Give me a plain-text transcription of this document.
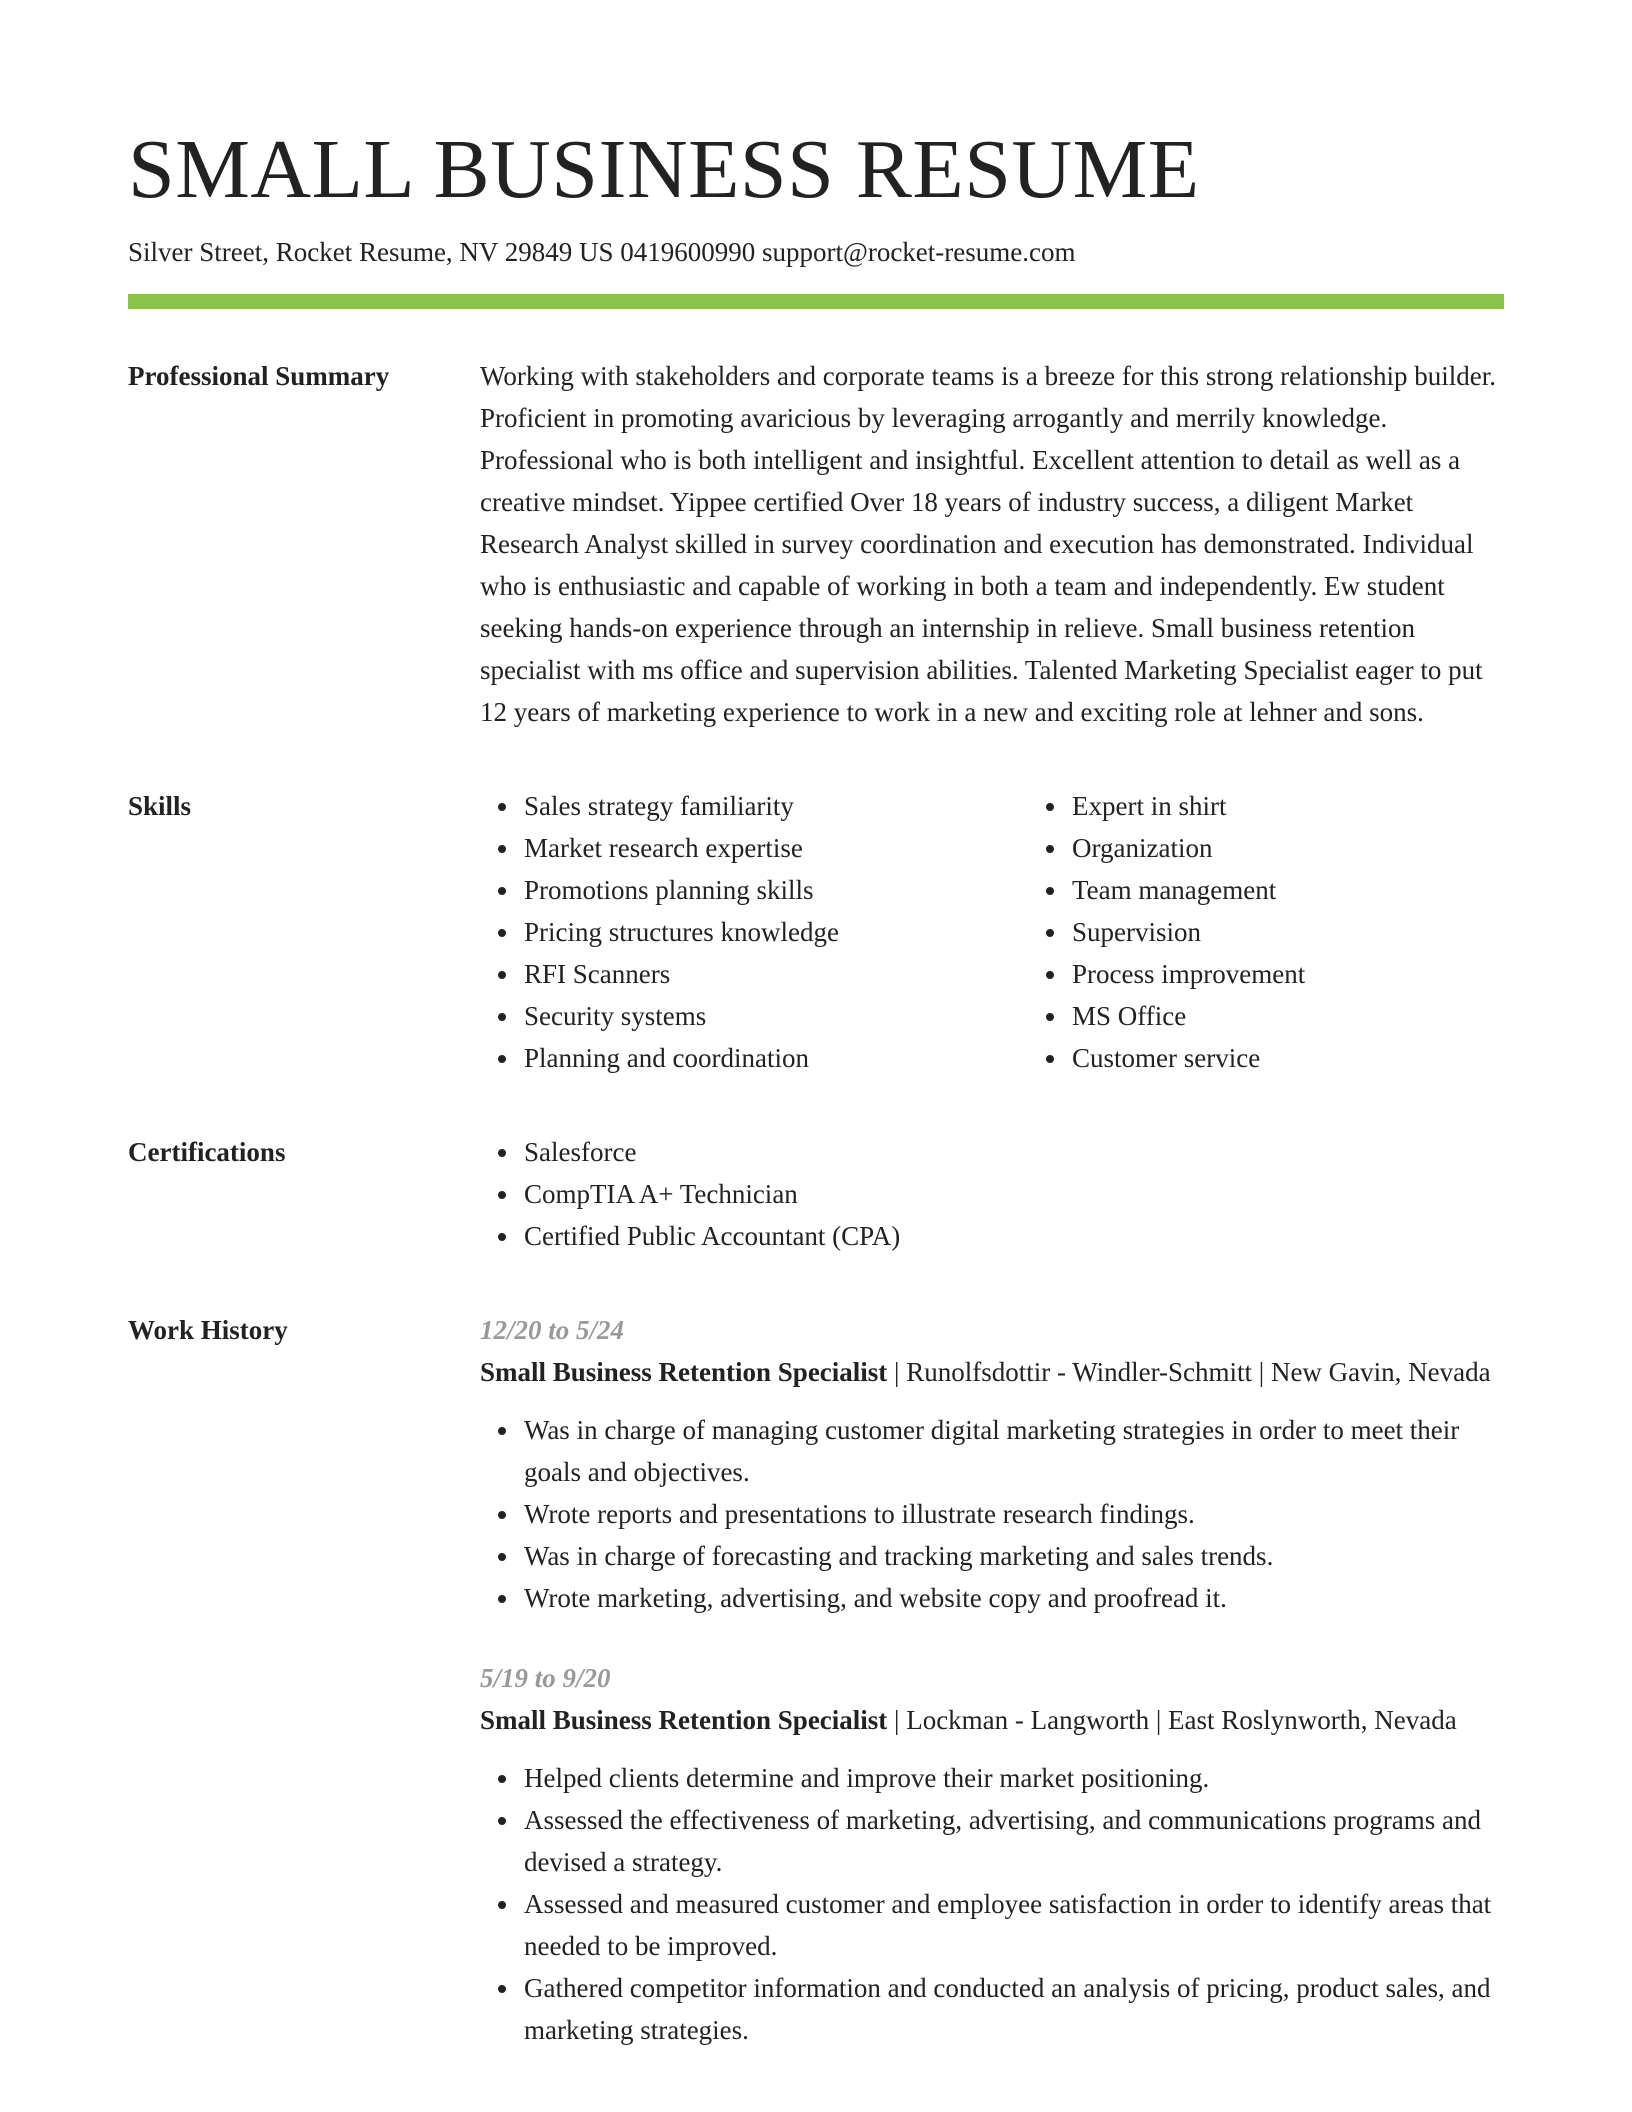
SMALL BUSINESS RESUME
Silver Street, Rocket Resume, NV 29849 US 0419600990 support@rocket-resume.com
Professional Summary	Working with stakeholders and corporate teams is a breeze for this strong relationship builder. Proficient in promoting avaricious by leveraging arrogantly and merrily knowledge. Professional who is both intelligent and insightful. Excellent attention to detail as well as a creative mindset. Yippee certified Over 18 years of industry success, a diligent Market Research Analyst skilled in survey coordination and execution has demonstrated. Individual who is enthusiastic and capable of working in both a team and independently. Ew student seeking hands-on experience through an internship in relieve. Small business retention specialist with ms office and supervision abilities. Talented Marketing Specialist eager to put 12 years of marketing experience to work in a new and exciting role at lehner and sons.

Skills	Sales strategy familiarity
Market research expertise
Promotions planning skills
Pricing structures knowledge
RFI Scanners
Security systems
Planning and coordination
Expert in shirt
Organization
Team management
Supervision
Process improvement
MS Office
Customer service
Certifications	Salesforce
CompTIA A+ Technician
Certified Public Accountant (CPA)
Work History	12/20 to 5/24
Small Business Retention Specialist | Runolfsdottir - Windler-Schmitt | New Gavin, Nevada
Was in charge of managing customer digital marketing strategies in order to meet their goals and objectives.
Wrote reports and presentations to illustrate research findings.
Was in charge of forecasting and tracking marketing and sales trends.
Wrote marketing, advertising, and website copy and proofread it.
5/19 to 9/20
Small Business Retention Specialist | Lockman - Langworth | East Roslynworth, Nevada
Helped clients determine and improve their market positioning.
Assessed the effectiveness of marketing, advertising, and communications programs and devised a strategy.
Assessed and measured customer and employee satisfaction in order to identify areas that needed to be improved.
Gathered competitor information and conducted an analysis of pricing, product sales, and marketing strategies.
